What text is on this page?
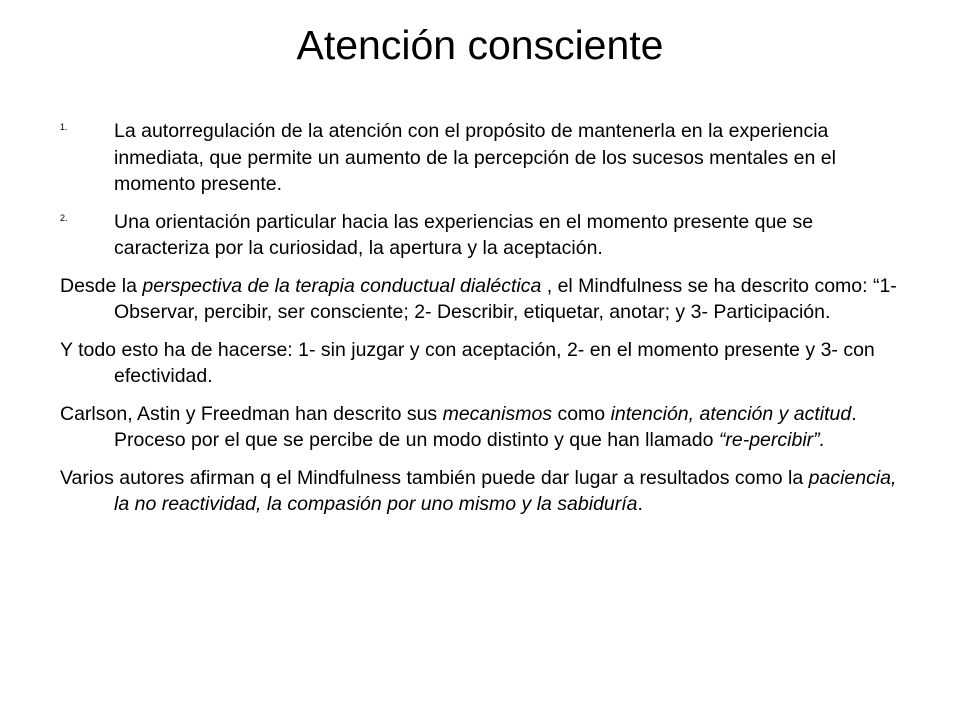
Atención consciente
1. La autorregulación de la atención con el propósito de mantenerla en la experiencia inmediata, que permite un aumento de la percepción de los sucesos mentales en el momento presente.
2. Una orientación particular hacia las experiencias en el momento presente que se caracteriza por la curiosidad, la apertura y la aceptación.
Desde la perspectiva de la terapia conductual dialéctica , el Mindfulness se ha descrito como: “1- Observar, percibir, ser consciente; 2- Describir, etiquetar, anotar; y 3- Participación.
Y todo esto ha de hacerse: 1- sin juzgar y con aceptación, 2- en el momento presente y 3- con efectividad.
Carlson, Astin y Freedman han descrito sus mecanismos como intención, atención y actitud. Proceso por el que se percibe de un modo distinto y que han llamado “re-percibir”.
Varios autores afirman q el Mindfulness también puede dar lugar a resultados como la paciencia, la no reactividad, la compasión por uno mismo y la sabiduría.
